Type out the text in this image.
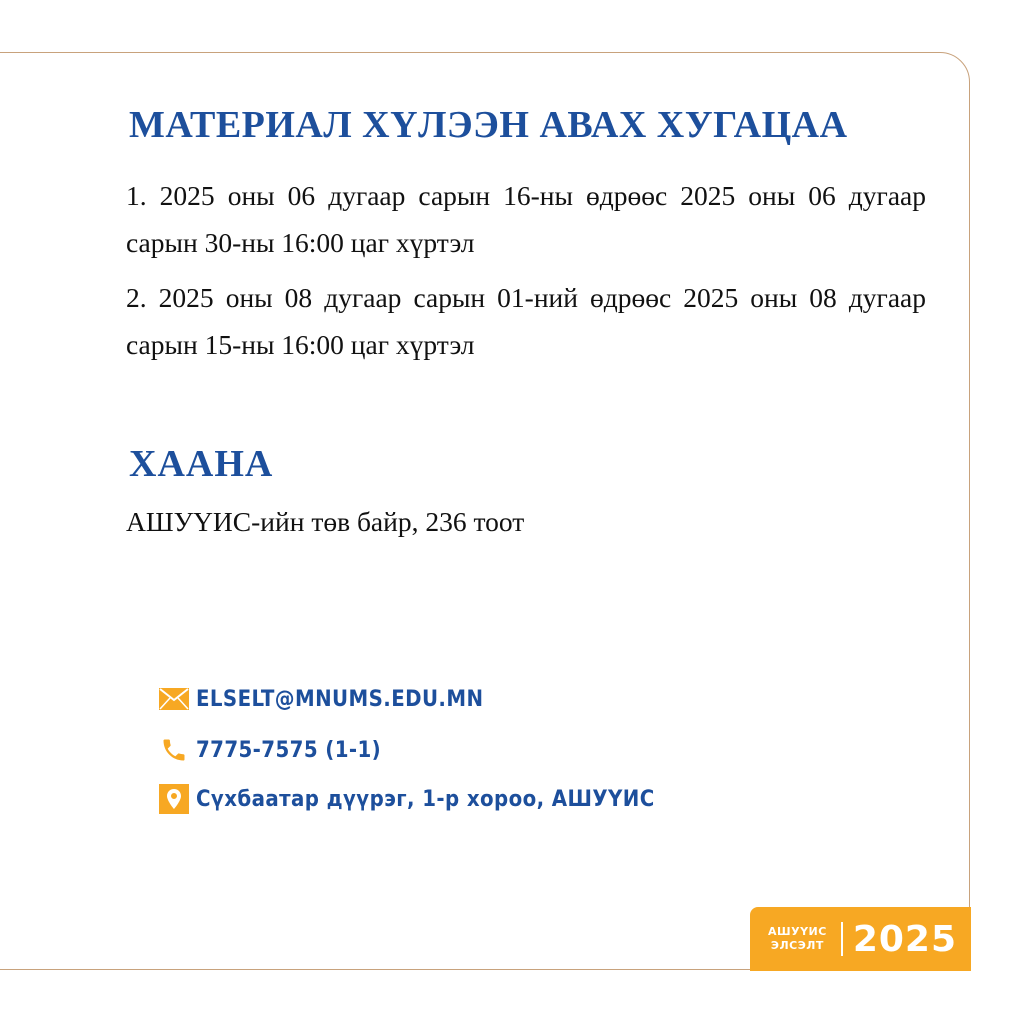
МАТЕРИАЛ ХҮЛЭЭН АВАХ ХУГАЦАА

1. 2025 оны 06 дугаар сарын 16-ны өдрөөс 2025 оны 06 дугаар сарын 30-ны 16:00 цаг хүртэл

2. 2025 оны 08 дугаар сарын 01-ний өдрөөс 2025 оны 08 дугаар сарын 15-ны 16:00 цаг хүртэл

ХААНА

АШУҮИС-ийн төв байр, 236 тоот

ELSELT@MNUMS.EDU.MN
7775-7575 (1-1)
Сүхбаатар дүүрэг, 1-р хороо, АШУҮИС
АШУҮИС
ЭЛСЭЛТ 2025
